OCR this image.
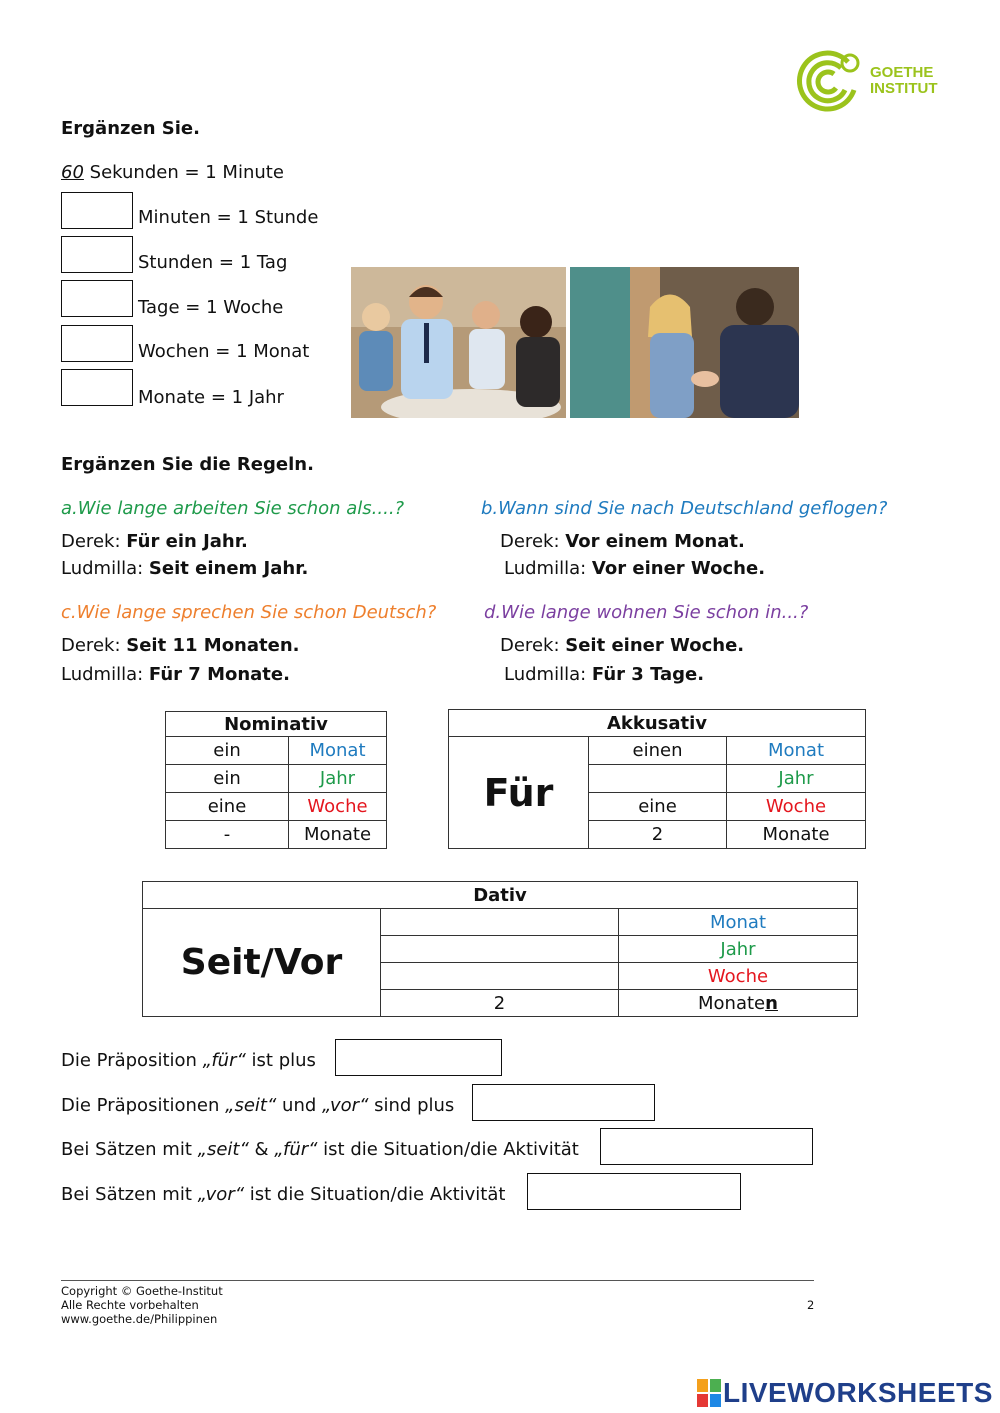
GOETHE
INSTITUT
Ergänzen Sie.
60 Sekunden = 1 Minute
Minuten = 1 Stunde
Stunden = 1 Tag
Tage = 1 Woche
Wochen = 1 Monat
Monate = 1 Jahr
Ergänzen Sie die Regeln.
a.Wie lange arbeiten Sie schon als....?
Derek: Für ein Jahr.
Ludmilla: Seit einem Jahr.
b.Wann sind Sie nach Deutschland geflogen?
Derek: Vor einem Monat.
Ludmilla: Vor einer Woche.
c.Wie lange sprechen Sie schon Deutsch?
Derek: Seit 11 Monaten.
Ludmilla: Für 7 Monate.
d.Wie lange wohnen Sie schon in...?
Derek: Seit einer Woche.
Ludmilla: Für 3 Tage.
Nominativ	
ein	Monat
ein	Jahr
eine	Woche
-	Monate
Akkusativ		
Für	einen	Monat
		Jahr
	eine	Woche
	2	Monate
Dativ		
Seit/Vor		Monat
		Jahr
		Woche
	2	Monaten
Die Präposition „für“ ist plus
Die Präpositionen „seit“ und „vor“ sind plus
Bei Sätzen mit „seit“ & „für“ ist die Situation/die Aktivität
Bei Sätzen mit „vor“ ist die Situation/die Aktivität
Copyright © Goethe-Institut
Alle Rechte vorbehalten
www.goethe.de/Philippinen
2
LIVEWORKSHEETS
